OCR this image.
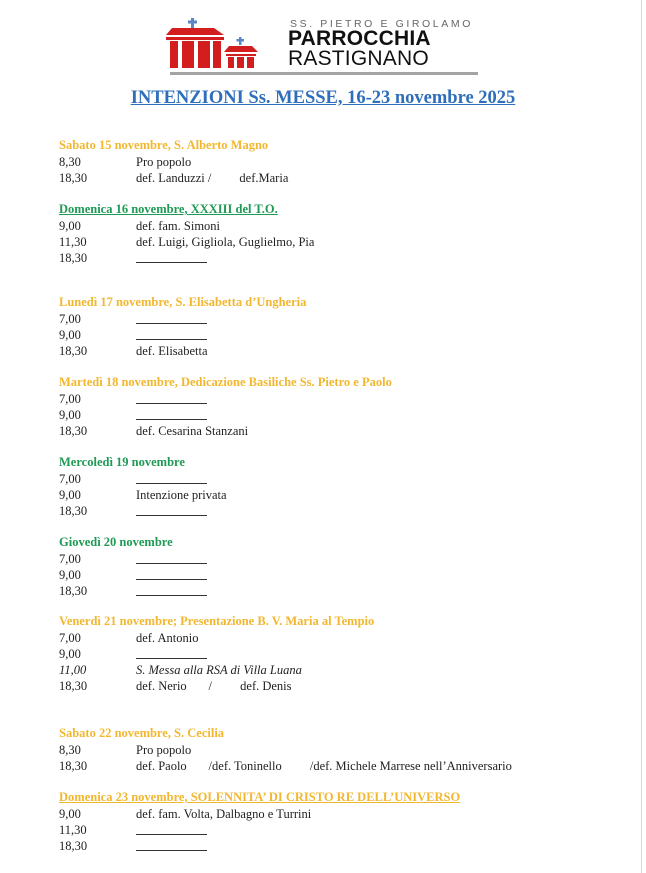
SS. PIETRO E GIROLAMO
PARROCCHIA
RASTIGNANO
INTENZIONI Ss. MESSE, 16-23 novembre 2025
Sabato 15 novembre, S. Alberto Magno
8,30	Pro popolo
18,30	def. Landuzzi /         def.Maria
Domenica 16 novembre, XXXIII del T.O.
9,00	def. fam. Simoni
11,30	def. Luigi, Gigliola, Guglielmo, Pia
18,30
Lunedì 17 novembre, S. Elisabetta d’Ungheria
7,00
9,00
18,30	def. Elisabetta
Martedì 18 novembre, Dedicazione Basiliche Ss. Pietro e Paolo
7,00
9,00
18,30	def. Cesarina Stanzani
Mercoledì 19 novembre
7,00
9,00	Intenzione privata
18,30
Giovedì 20 novembre
7,00
9,00
18,30
Venerdì 21 novembre; Presentazione B. V. Maria al Tempio
7,00	def. Antonio
9,00
11,00	S. Messa alla RSA di Villa Luana
18,30	def. Nerio       /         def. Denis
Sabato 22 novembre, S. Cecilia
8,30	Pro popolo
18,30	def. Paolo       /def. Toninello         /def. Michele Marrese nell’Anniversario
Domenica 23 novembre, SOLENNITA’ DI CRISTO RE DELL’UNIVERSO
9,00	def. fam. Volta, Dalbagno e Turrini
11,30
18,30
